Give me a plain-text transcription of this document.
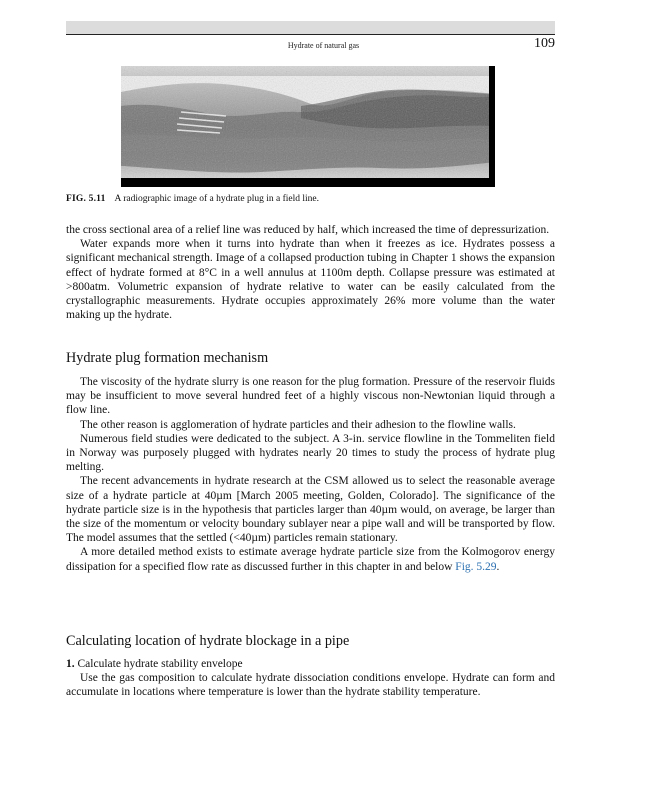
Hydrate of natural gas	109
FIG. 5.11 A radiographic image of a hydrate plug in a field line.

the cross sectional area of a relief line was reduced by half, which increased the time of depressurization.

Water expands more when it turns into hydrate than when it freezes as ice. Hydrates possess a significant mechanical strength. Image of a collapsed production tubing in Chapter 1 shows the expansion effect of hydrate formed at 8°C in a well annulus at 1100m depth. Collapse pressure was estimated at >800atm. Volumetric expansion of hydrate relative to water can be easily calculated from the crystallographic measurements. Hydrate occupies approximately 26% more volume than the water making up the hydrate.

Hydrate plug formation mechanism

The viscosity of the hydrate slurry is one reason for the plug formation. Pressure of the reservoir fluids may be insufficient to move several hundred feet of a highly viscous non-Newtonian liquid through a flow line.

The other reason is agglomeration of hydrate particles and their adhesion to the flowline walls.

Numerous field studies were dedicated to the subject. A 3-in. service flowline in the Tommeliten field in Norway was purposely plugged with hydrates nearly 20 times to study the process of hydrate plug melting.

The recent advancements in hydrate research at the CSM allowed us to select the reasonable average size of a hydrate particle at 40µm [March 2005 meeting, Golden, Colorado]. The significance of the hydrate particle size is in the hypothesis that particles larger than 40µm would, on average, be larger than the size of the momentum or velocity boundary sublayer near a pipe wall and will be transported by flow. The model assumes that the settled (<40µm) particles remain stationary.

A more detailed method exists to estimate average hydrate particle size from the Kolmogorov energy dissipation for a specified flow rate as discussed further in this chapter in and below Fig. 5.29.

Calculating location of hydrate blockage in a pipe

1. Calculate hydrate stability envelope

Use the gas composition to calculate hydrate dissociation conditions envelope. Hydrate can form and accumulate in locations where temperature is lower than the hydrate stability temperature.
